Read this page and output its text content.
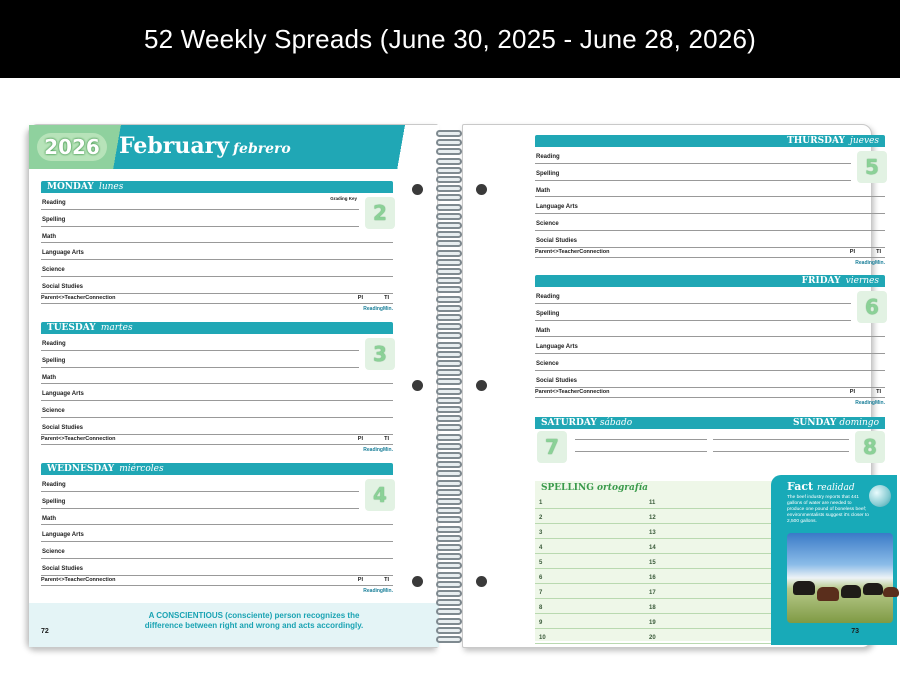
52 Weekly Spreads (June 30, 2025 - June 28, 2026)
2026 February febrero
MONDAY lunes
Grading Key
2
Reading
Spelling
Math
Language Arts
Science
Social Studies
Parent<>TeacherConnection	PI	TI
ReadingMin.
TUESDAY martes
3
Reading
Spelling
Math
Language Arts
Science
Social Studies
Parent<>TeacherConnection	PI	TI
ReadingMin.
WEDNESDAY miércoles
4
Reading
Spelling
Math
Language Arts
Science
Social Studies
Parent<>TeacherConnection	PI	TI
ReadingMin.
72
A CONSCIENTIOUS (consciente) person recognizes the
difference between right and wrong and acts accordingly.
THURSDAY jueves
5
Reading
Spelling
Math
Language Arts
Science
Social Studies
Parent<>TeacherConnection	PI	TI
ReadingMin.
FRIDAY viernes
6
Reading
Spelling
Math
Language Arts
Science
Social Studies
Parent<>TeacherConnection	PI	TI
ReadingMin.
SATURDAY sábado	SUNDAY domingo
7	8
SPELLING ortografía
1	11
2	12
3	13
4	14
5	15
6	16
7	17
8	18
9	19
10	20
Fact realidad
The beef industry reports that 441 gallons of water are needed to produce one pound of boneless beef; environmentalists suggest it's closer to 2,500 gallons.
73
